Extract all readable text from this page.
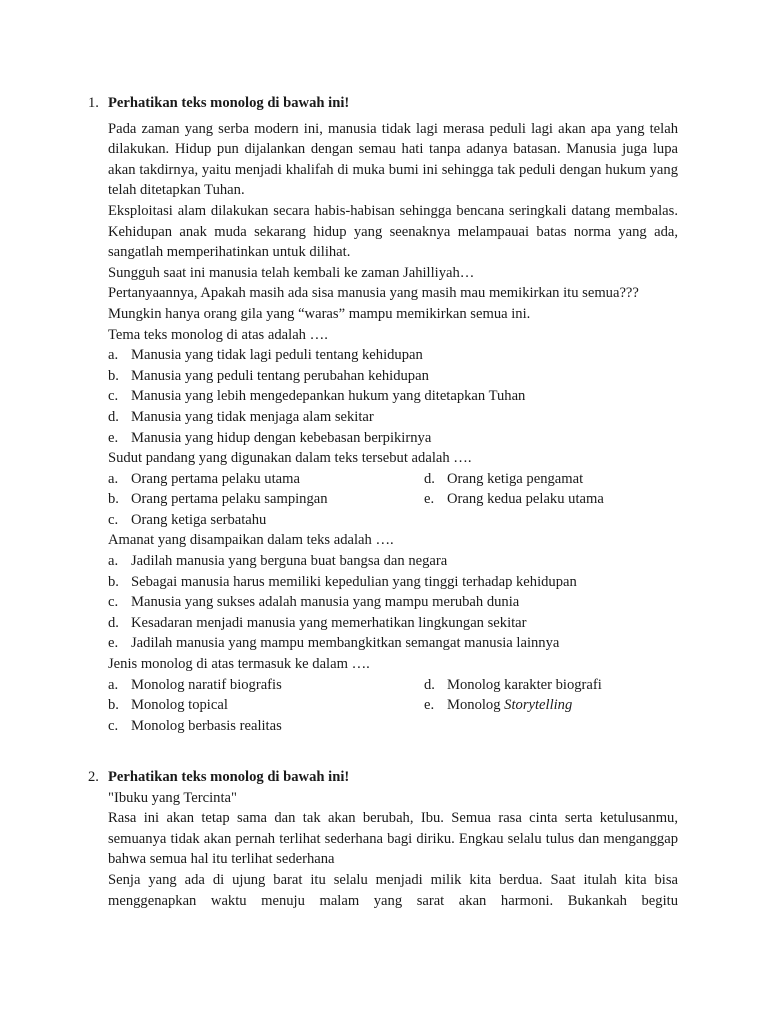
1. Perhatikan teks monolog di bawah ini!

Pada zaman yang serba modern ini, manusia tidak lagi merasa peduli lagi akan apa yang telah dilakukan. Hidup pun dijalankan dengan semau hati tanpa adanya batasan. Manusia juga lupa akan takdirnya, yaitu menjadi khalifah di muka bumi ini sehingga tak peduli dengan hukum yang telah ditetapkan Tuhan.

Eksploitasi alam dilakukan secara habis-habisan sehingga bencana seringkali datang membalas. Kehidupan anak muda sekarang hidup yang seenaknya melampauai batas norma yang ada, sangatlah memperihatinkan untuk dilihat.

Sungguh saat ini manusia telah kembali ke zaman Jahilliyah…

Pertanyaannya, Apakah masih ada sisa manusia yang masih mau memikirkan itu semua???

Mungkin hanya orang gila yang “waras” mampu memikirkan semua ini.

Tema teks monolog di atas adalah ….

a. Manusia yang tidak lagi peduli tentang kehidupan
b. Manusia yang peduli tentang perubahan kehidupan
c. Manusia yang lebih mengedepankan hukum yang ditetapkan Tuhan
d. Manusia yang tidak menjaga alam sekitar
e. Manusia yang hidup dengan kebebasan berpikirnya

Sudut pandang yang digunakan dalam teks tersebut adalah ….

a. Orang pertama pelaku utama	d. Orang ketiga pengamat
b. Orang pertama pelaku sampingan	e. Orang kedua pelaku utama
c. Orang ketiga serbatahu

Amanat yang disampaikan dalam teks adalah ….

a. Jadilah manusia yang berguna buat bangsa dan negara
b. Sebagai manusia harus memiliki kepedulian yang tinggi terhadap kehidupan
c. Manusia yang sukses adalah manusia yang mampu merubah dunia
d. Kesadaran menjadi manusia yang memerhatikan lingkungan sekitar
e. Jadilah manusia yang mampu membangkitkan semangat manusia lainnya

Jenis monolog di atas termasuk ke dalam ….

a. Monolog naratif biografis	d. Monolog karakter biografi
b. Monolog topical	e. Monolog Storytelling
c. Monolog berbasis realitas
2. Perhatikan teks monolog di bawah ini!

"Ibuku yang Tercinta"

Rasa ini akan tetap sama dan tak akan berubah, Ibu. Semua rasa cinta serta ketulusanmu, semuanya tidak akan pernah terlihat sederhana bagi diriku. Engkau selalu tulus dan menganggap bahwa semua hal itu terlihat sederhana

Senja yang ada di ujung barat itu selalu menjadi milik kita berdua. Saat itulah kita bisa menggenapkan waktu menuju malam yang sarat akan harmoni. Bukankah begitu
